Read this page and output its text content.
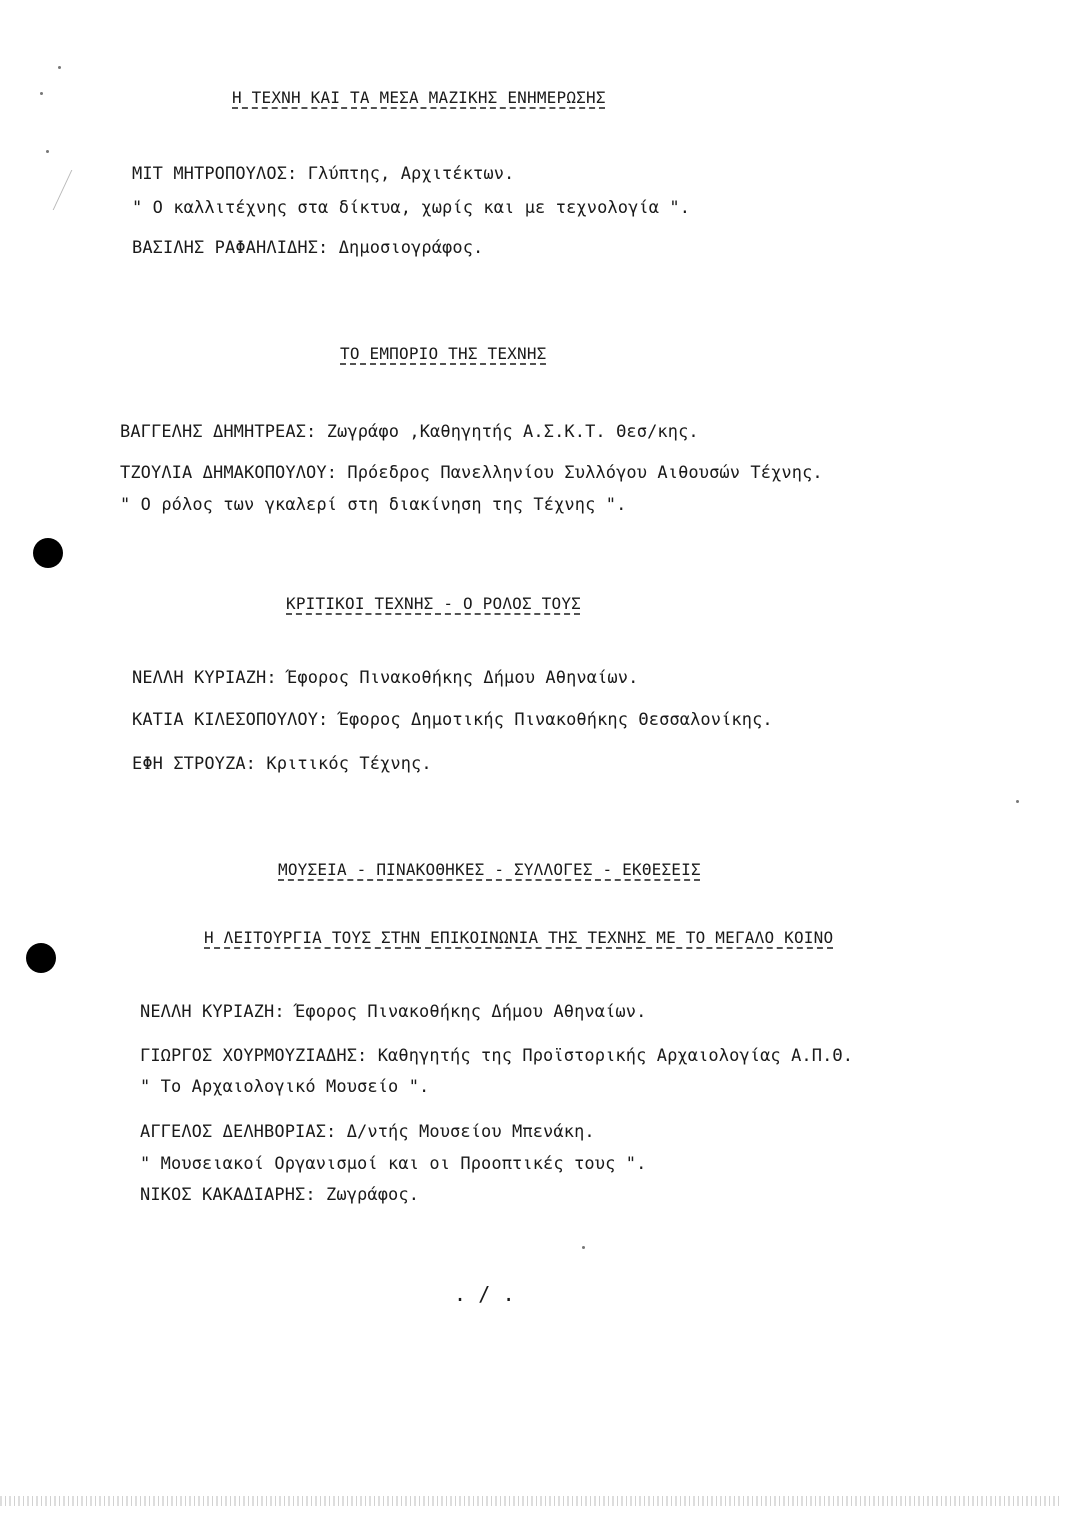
Η ΤΕΧΝΗ ΚΑΙ ΤΑ ΜΕΣΑ ΜΑΖΙΚΗΣ ΕΝΗΜΕΡΩΣΗΣ
ΜΙΤ ΜΗΤΡΟΠΟΥΛΟΣ: Γλύπτης, Αρχιτέκτων.
" Ο καλλιτέχνης στα δίκτυα, χωρίς και με τεχνολογία ".
ΒΑΣΙΛΗΣ ΡΑΦΑΗΛΙΔΗΣ: Δημοσιογράφος.
ΤΟ ΕΜΠΟΡΙΟ ΤΗΣ ΤΕΧΝΗΣ
ΒΑΓΓΕΛΗΣ ΔΗΜΗΤΡΕΑΣ: Ζωγράφο ,Καθηγητής Α.Σ.Κ.Τ. Θεσ/κης.
ΤΖΟΥΛΙΑ ΔΗΜΑΚΟΠΟΥΛΟΥ: Πρόεδρος Πανελληνίου Συλλόγου Αιθουσών Τέχνης.
" Ο ρόλος των γκαλερί στη διακίνηση της Τέχνης ".
ΚΡΙΤΙΚΟΙ ΤΕΧΝΗΣ - Ο ΡΟΛΟΣ ΤΟΥΣ
ΝΕΛΛΗ ΚΥΡΙΑΖΗ: Έφορος Πινακοθήκης Δήμου Αθηναίων.
ΚΑΤΙΑ ΚΙΛΕΣΟΠΟΥΛΟΥ: Έφορος Δημοτικής Πινακοθήκης Θεσσαλονίκης.
ΕΦΗ ΣΤΡΟΥΖΑ: Κριτικός Τέχνης.
ΜΟΥΣΕΙΑ - ΠΙΝΑΚΟΘΗΚΕΣ - ΣΥΛΛΟΓΕΣ - ΕΚΘΕΣΕΙΣ
Η ΛΕΙΤΟΥΡΓΙΑ ΤΟΥΣ ΣΤΗΝ ΕΠΙΚΟΙΝΩΝΙΑ ΤΗΣ ΤΕΧΝΗΣ ΜΕ ΤΟ ΜΕΓΑΛΟ ΚΟΙΝΟ
ΝΕΛΛΗ ΚΥΡΙΑΖΗ: Έφορος Πινακοθήκης Δήμου Αθηναίων.
ΓΙΩΡΓΟΣ ΧΟΥΡΜΟΥΖΙΑΔΗΣ: Καθηγητής της Προϊστορικής Αρχαιολογίας Α.Π.Θ.
" Το Αρχαιολογικό Μουσείο ".
ΑΓΓΕΛΟΣ ΔΕΛΗΒΟΡΙΑΣ: Δ/ντής Μουσείου Μπενάκη.
" Μουσειακοί Οργανισμοί και οι Προοπτικές τους ".
ΝΙΚΟΣ ΚΑΚΑΔΙΑΡΗΣ: Ζωγράφος.
. / .
